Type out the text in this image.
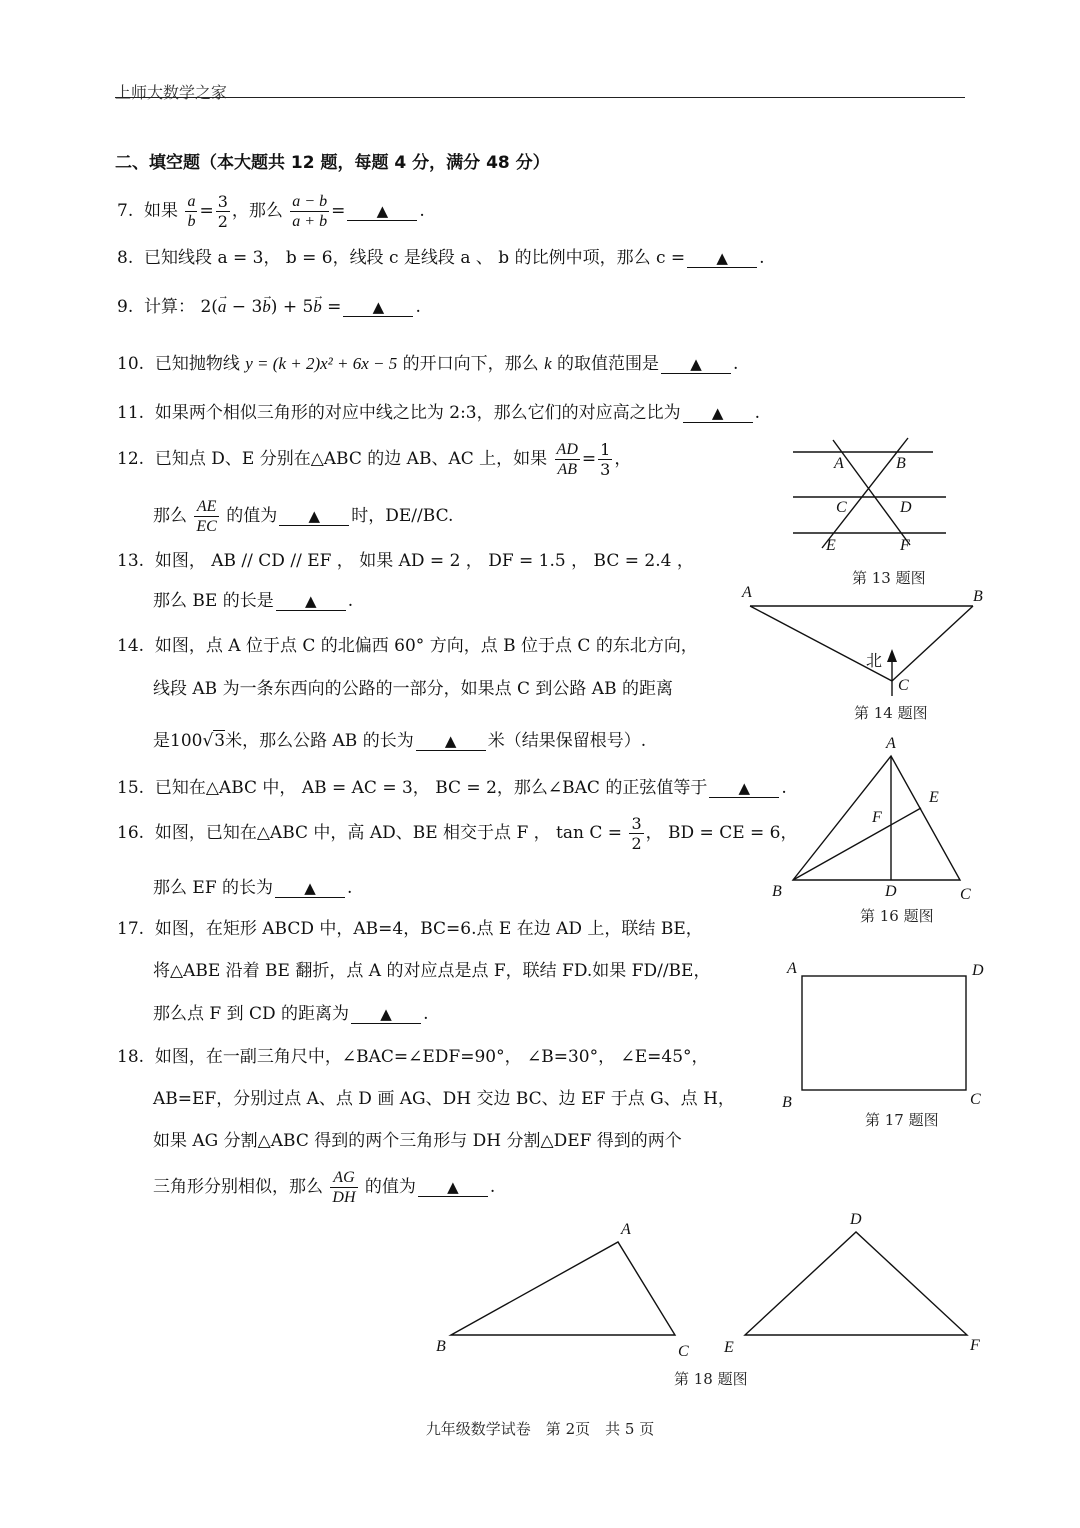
上师大数学之家
二、填空题（本大题共 12 题，每题 4 分，满分 48 分）
7. 如果 $\frac{a}{b} = \frac{3}{2}$ ，那么 $\frac{a - b}{a + b}$ = ▲ .
8. 已知线段 a = 3， b = 6，线段 c 是线段 a 、 b 的比例中项，那么 c = ▲ .
9. 计算： 2(→ a − 3→ b) + 5→ b = ▲ .
10. 已知抛物线 y = (k + 2)x² + 6x − 5 的开口向下，那么 k 的取值范围是 ▲ .
11. 如果两个相似三角形的对应中线之比为 2:3，那么它们的对应高之比为 ▲ .
12. 已知点 D、E 分别在△ABC 的边 AB、AC 上，如果 $\frac{AD}{AB} = \frac{1}{3}$ ，
那么 $\frac{AE}{EC}$ 的值为 ▲ 时，DE//BC.
13. 如图， AB // CD // EF ， 如果 AD = 2 ， DF = 1.5 ， BC = 2.4 ，
那么 BE 的长是 ▲ .
14. 如图，点 A 位于点 C 的北偏西 60° 方向，点 B 位于点 C 的东北方向，
线段 AB 为一条东西向的公路的一部分，如果点 C 到公路 AB 的距离
是100√3米，那么公路 AB 的长为 ▲ 米（结果保留根号）.
15. 已知在△ABC 中， AB = AC = 3， BC = 2，那么∠BAC 的正弦值等于 ▲ .
16. 如图，已知在△ABC 中，高 AD、BE 相交于点 F ， $\tan C = \frac{3}{2}$ ， BD = CE = 6，
那么 EF 的长为 ▲ .
17. 如图，在矩形 ABCD 中，AB=4，BC=6.点 E 在边 AD 上，联结 BE，
将△ABE 沿着 BE 翻折，点 A 的对应点是点 F，联结 FD.如果 FD//BE，
那么点 F 到 CD 的距离为 ▲ .
18. 如图，在一副三角尺中，∠BAC=∠EDF=90°， ∠B=30°， ∠E=45°，
AB=EF，分别过点 A、点 D 画 AG、DH 交边 BC、边 EF 于点 G、点 H，
如果 AG 分割△ABC 得到的两个三角形与 DH 分割△DEF 得到的两个
三角形分别相似，那么 $\frac{AG}{DH}$ 的值为 ▲ .
A	B
C	D
E	F
第 13 题图
A	B
C
北
第 14 题图
A
E
F
B	D	C
第 16 题图
A	D
B	C
第 17 题图
A
B	C
D
E	F
第 18 题图
九年级数学试卷　第 2页　共 5 页
